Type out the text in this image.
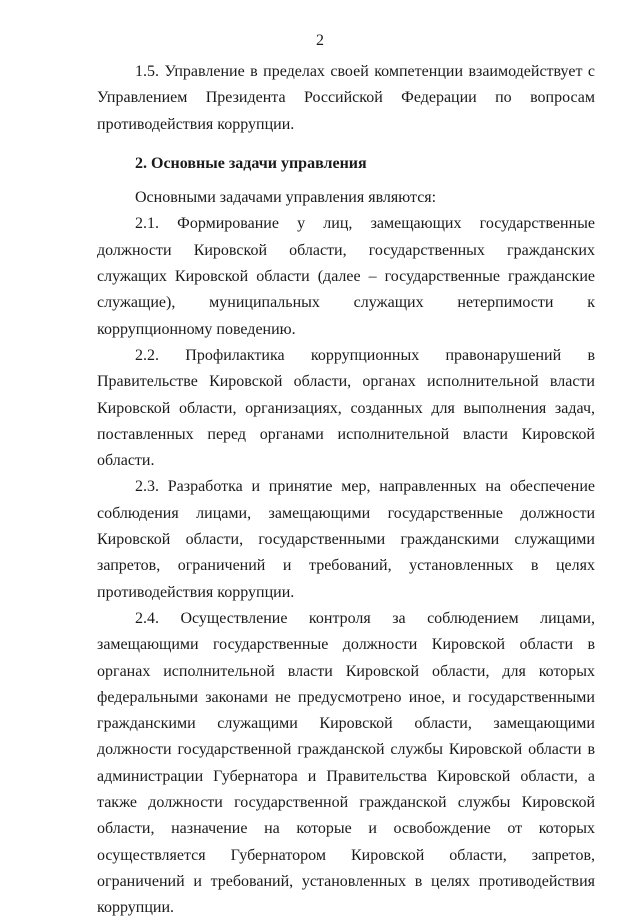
2

1.5. Управление в пределах своей компетенции взаимодействует с Управлением Президента Российской Федерации по вопросам противодействия коррупции.

2. Основные задачи управления

Основными задачами управления являются:

2.1. Формирование у лиц, замещающих государственные должности Кировской области, государственных гражданских служащих Кировской области (далее – государственные гражданские служащие), муниципальных служащих нетерпимости к коррупционному поведению.

2.2. Профилактика коррупционных правонарушений в Правительстве Кировской области, органах исполнительной власти Кировской области, организациях, созданных для выполнения задач, поставленных перед органами исполнительной власти Кировской области.

2.3. Разработка и принятие мер, направленных на обеспечение соблюдения лицами, замещающими государственные должности Кировской области, государственными гражданскими служащими запретов, ограничений и требований, установленных в целях противодействия коррупции.

2.4. Осуществление контроля за соблюдением лицами, замещающими государственные должности Кировской области в органах исполнительной власти Кировской области, для которых федеральными законами не предусмотрено иное, и государственными гражданскими служащими Кировской области, замещающими должности государственной гражданской службы Кировской области в администрации Губернатора и Правительства Кировской области, а также должности государственной гражданской службы Кировской области, назначение на которые и освобождение от которых осуществляется Губернатором Кировской области, запретов, ограничений и требований, установленных в целях противодействия коррупции.
